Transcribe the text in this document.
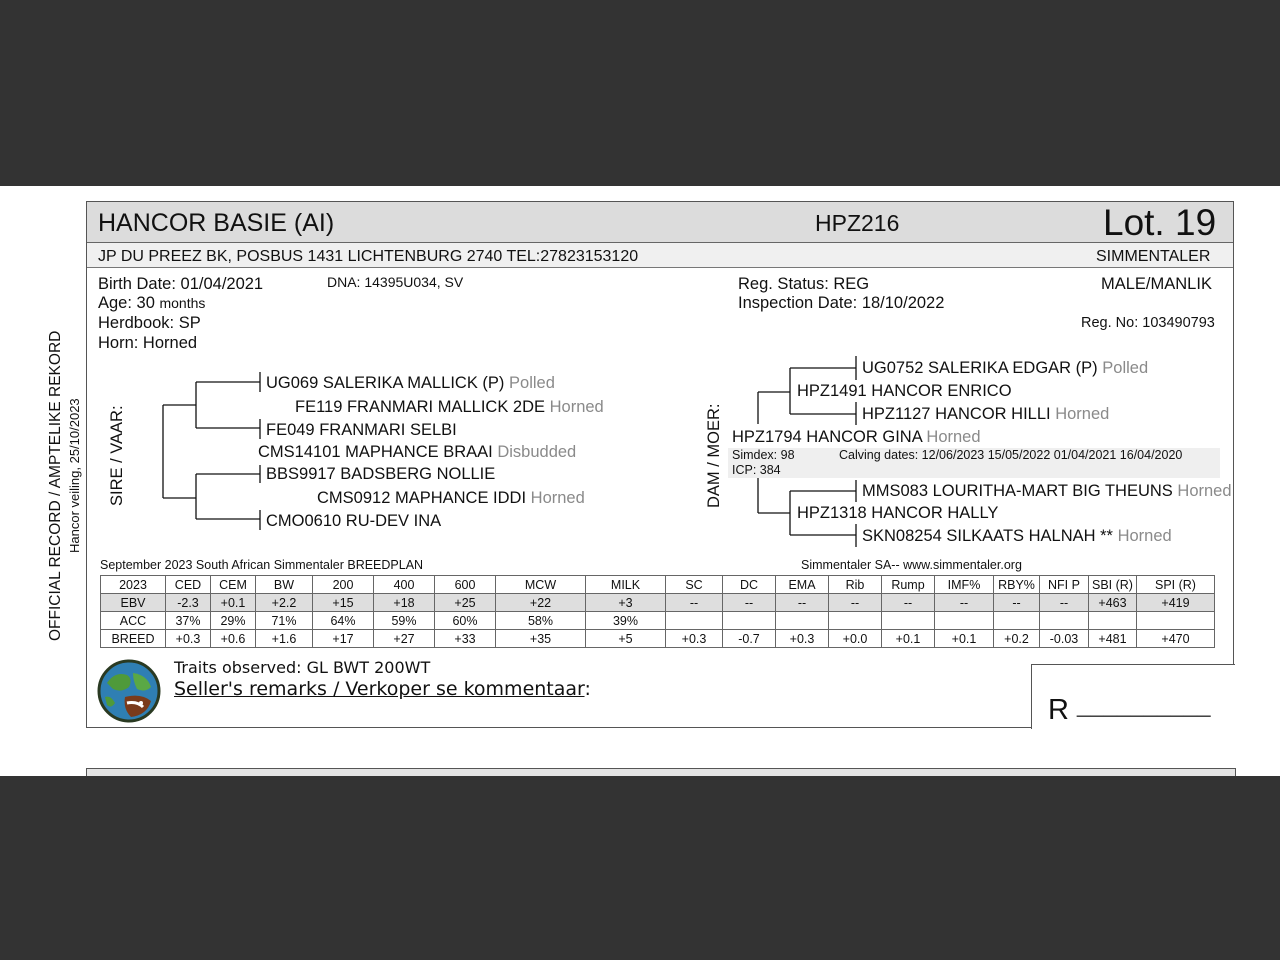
HANCOR BASIE (AI)	HPZ216	Lot. 19
JP DU PREEZ BK, POSBUS 1431 LICHTENBURG 2740 TEL:27823153120	SIMMENTALER
OFFICIAL RECORD / AMPTELIKE REKORD Hancor veiling, 25/10/2023
Birth Date: 01/04/2021	DNA: 14395U034, SV
Age: 30 months
Herdbook: SP
Horn: Horned
Reg. Status: REG
Inspection Date: 18/10/2022
MALE/MANLIK
Reg. No: 103490793
SIRE / VAAR:
UG069 SALERIKA MALLICK (P) Polled
FE119 FRANMARI MALLICK 2DE Horned
FE049 FRANMARI SELBI
CMS14101 MAPHANCE BRAAI Disbudded
BBS9917 BADSBERG NOLLIE
CMS0912 MAPHANCE IDDI Horned
CMO0610 RU-DEV INA
DAM / MOER:
UG0752 SALERIKA EDGAR (P) Polled
HPZ1491 HANCOR ENRICO
HPZ1127 HANCOR HILLI Horned
HPZ1794 HANCOR GINA Horned
Simdex: 98	Calving dates: 12/06/2023 15/05/2022 01/04/2021 16/04/2020
ICP: 384
MMS083 LOURITHA-MART BIG THEUNS Horned
HPZ1318 HANCOR HALLY
SKN08254 SILKAATS HALNAH ** Horned
September 2023 South African Simmentaler BREEDPLAN	Simmentaler SA-- www.simmentaler.org
2023	CED	CEM	BW	200	400	600	MCW	MILK	SC	DC	EMA	Rib	Rump	IMF%	RBY%	NFI P	SBI (R)	SPI (R)
EBV	-2.3	+0.1	+2.2	+15	+18	+25	+22	+3	--	--	--	--	--	--	--	--	+463	+419
ACC	37%	29%	71%	64%	59%	60%	58%	39%										
BREED	+0.3	+0.6	+1.6	+17	+27	+33	+35	+5	+0.3	-0.7	+0.3	+0.0	+0.1	+0.1	+0.2	-0.03	+481	+470
Traits observed: GL BWT 200WT
Seller's remarks / Verkoper se kommentaar:
R __________
